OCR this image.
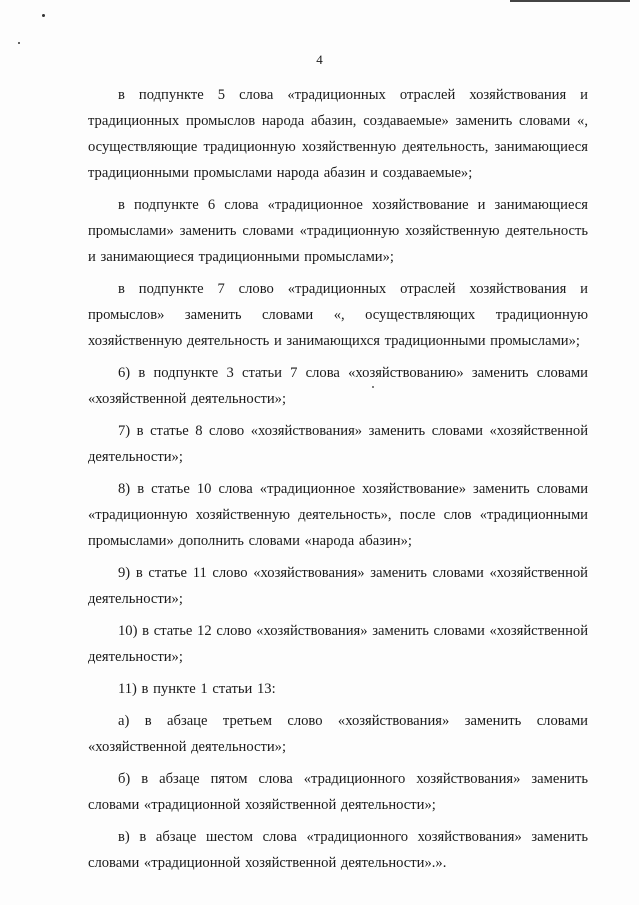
4

в подпункте 5 слова «традиционных отраслей хозяйствования и традиционных промыслов народа абазин, создаваемые» заменить словами «, осуществляющие традиционную хозяйственную деятельность, занимающиеся традиционными промыслами народа абазин и создаваемые»;

в подпункте 6 слова «традиционное хозяйствование и занимающиеся промыслами» заменить словами «традиционную хозяйственную деятельность и занимающиеся традиционными промыслами»;

в подпункте 7 слово «традиционных отраслей хозяйствования и промыслов» заменить словами «, осуществляющих традиционную хозяйственную деятельность и занимающихся традиционными промыслами»;

6) в подпункте 3 статьи 7 слова «хозяйствованию» заменить словами «хозяйственной деятельности»;

7) в статье 8 слово «хозяйствования» заменить словами «хозяйственной деятельности»;

8) в статье 10 слова «традиционное хозяйствование» заменить словами «традиционную хозяйственную деятельность», после слов «традиционными промыслами» дополнить словами «народа абазин»;

9) в статье 11 слово «хозяйствования» заменить словами «хозяйственной деятельности»;

10) в статье 12 слово «хозяйствования» заменить словами «хозяйственной деятельности»;

11) в пункте 1 статьи 13:

а) в абзаце третьем слово «хозяйствования» заменить словами «хозяйственной деятельности»;

б) в абзаце пятом слова «традиционного хозяйствования» заменить словами «традиционной хозяйственной деятельности»;

в) в абзаце шестом слова «традиционного хозяйствования» заменить словами «традиционной хозяйственной деятельности».».
